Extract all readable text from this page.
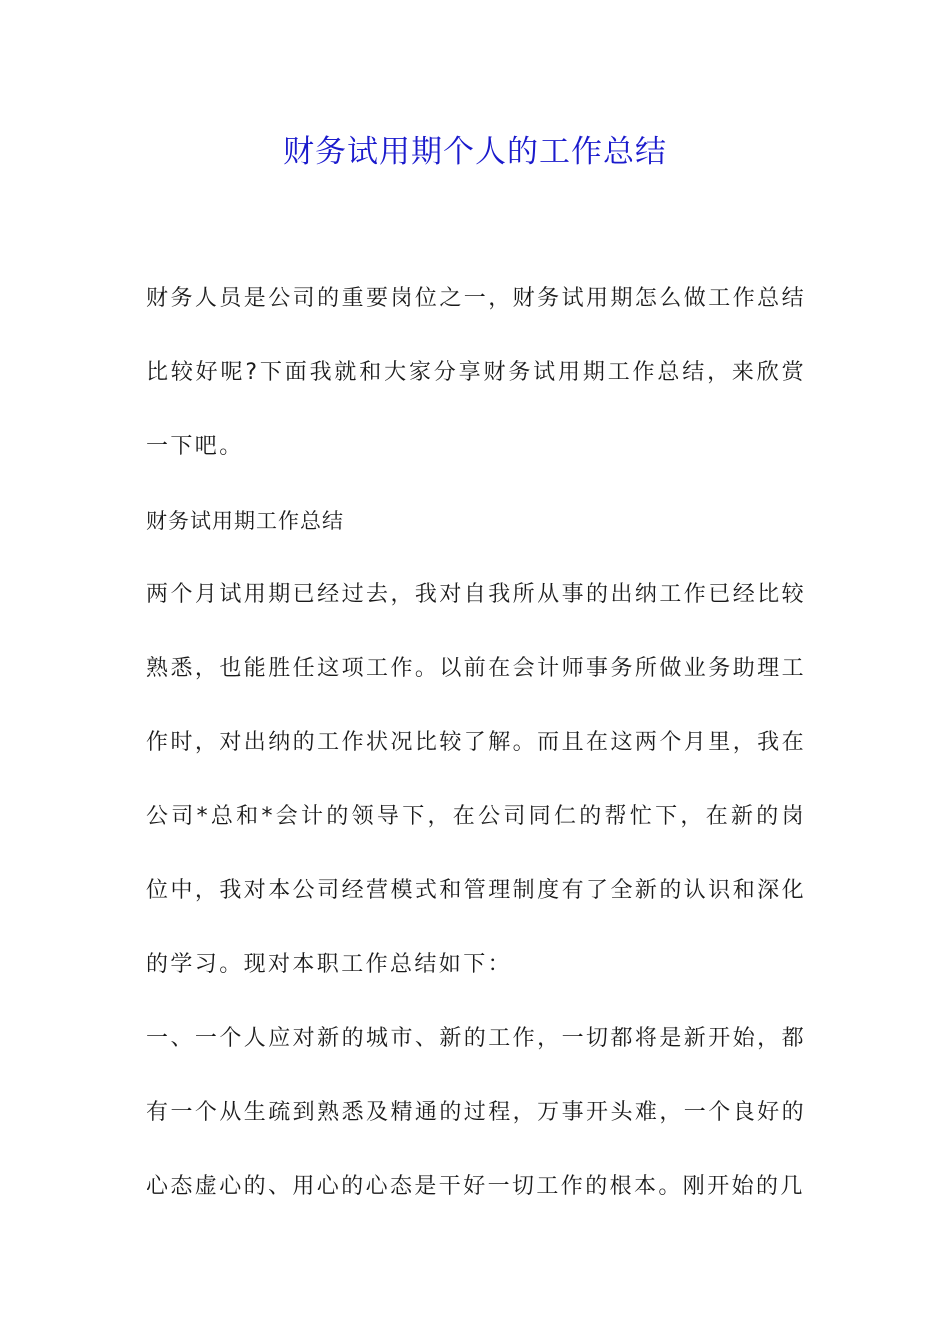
财务试用期个人的工作总结

财务人员是公司的重要岗位之一，财务试用期怎么做工作总结比较好呢?下面我就和大家分享财务试用期工作总结，来欣赏一下吧。

财务试用期工作总结

两个月试用期已经过去，我对自我所从事的出纳工作已经比较熟悉，也能胜任这项工作。以前在会计师事务所做业务助理工作时，对出纳的工作状况比较了解。而且在这两个月里，我在公司*总和*会计的领导下，在公司同仁的帮忙下，在新的岗位中，我对本公司经营模式和管理制度有了全新的认识和深化的学习。现对本职工作总结如下：

一、一个人应对新的城市、新的工作，一切都将是新开始，都有一个从生疏到熟悉及精通的过程，万事开头难，一个良好的心态虚心的、用心的心态是干好一切工作的根本。刚开始的几
